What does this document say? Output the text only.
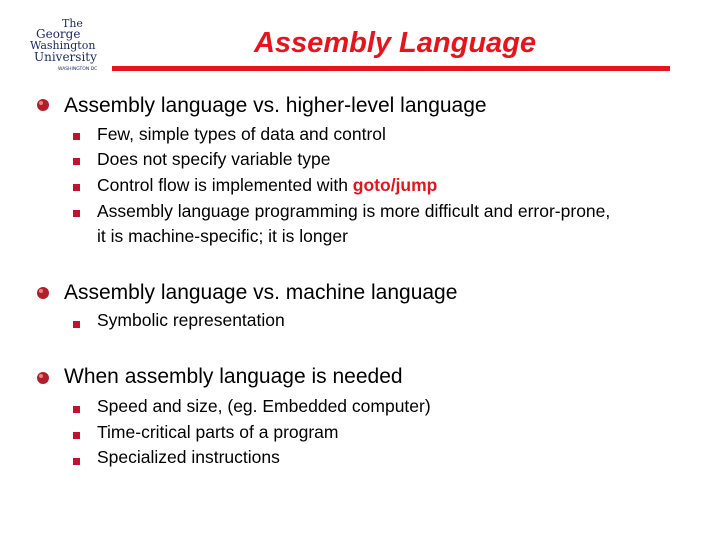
The
George
Washington
University
WASHINGTON DC
Assembly Language
Assembly language vs. higher-level language
Few, simple types of data and control
Does not specify variable type
Control flow is implemented with goto/jump
Assembly language programming is more difficult and error-prone,
it is machine-specific; it is longer
Assembly language vs. machine language
Symbolic representation
When assembly language is needed
Speed and size, (eg. Embedded computer)
Time-critical parts of a program
Specialized instructions
